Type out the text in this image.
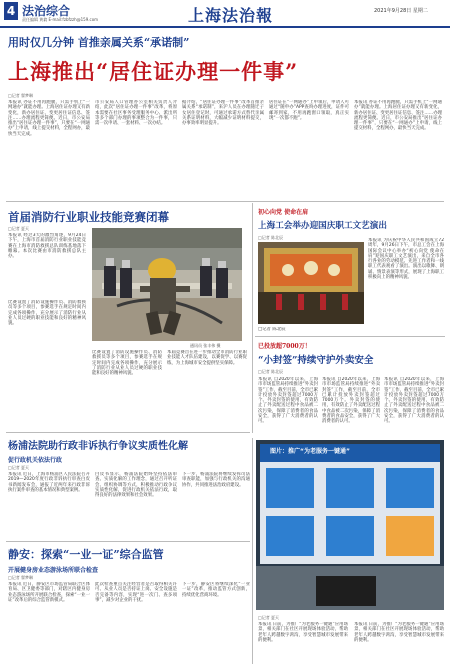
4 法治综合
责任编辑 黄翁 E-mail:fzbfzzh@159.com	上海法治報	2021年9月28日 星期二
用时仅几分钟 首推亲属关系“承诺制”
上海推出“居住证办理一件事”
□记者 翟梦琳
本报讯 办证不用再跑腿，只需手机上“一网通办”就能办理。上海居住证办理又有新变化，新办居住证、变更居住证信息、签注……办理流程更简便。近日，市公安局推出“居住证办理一件事”，只要在“一网通办”上申请，线上提交材料，全程网办，最快当天完成。
市公安局人口管理办公室相关负责人介绍，此次“居住证办理一件事”改革，将原本需要在社区事务受理服务中心、派出所等多个部门办理的事项整合为一件事，只需一次申请、一套材料、一次办结。
据介绍，“居住证办理一件事”改革首推亲属关系“承诺制”，来沪人员在办理随迁子女居住登记时，可通过承诺方式替代亲属关系证明材料，大幅减少证明材料提交，办事效率明显提升。
居住证在“一网通办”上申领后，申请人可通过“随申办”APP查询办理进度，证件可邮寄到家，不用再跑窗口领取，真正实现“一次都不跑”。
本报讯 办证不用再跑腿，只需手机上“一网通办”就能办理。上海居住证办理又有新变化，新办居住证、变更居住证信息、签注……办理流程更简便。近日，市公安局推出“居住证办理一件事”，只要在“一网通办”上申请，线上提交材料，全程网办，最快当天完成。
首届消防行业职业技能竞赛闭幕
□记者 夏天
本报讯 经过3天的激烈角逐，9月24日下午，上海市首届消防行业职业技能竞赛在上海市消防救援总队训练基地落下帷幕。本次比赛由市消防救援总队主办。
比赛设置了消防设施操作员、消防救援员等多个项目，参赛选手在规定时间内完成各项操作，充分展示了消防行业从业人员过硬的职业技能和良好的精神风貌。
通讯员 张丰伟 摄
比赛设置了消防设施操作员、消防救援员等多个项目，参赛选手在规定时间内完成各项操作，充分展示了消防行业从业人员过硬的职业技能和良好的精神风貌。
本届竞赛旨在进一步推动全市消防行业职业技能人才队伍建设，以赛促学、以赛促练，为上海城市安全提供坚实保障。
初心向党 使命在肩
上海工会举办迎国庆职工文艺演出
□记者 陈北辰
本报讯 为庆祝中华人民共和国成立72周年，9月26日下午，市总工会在上海国际会议中心举办“初心向党 使命在肩”迎国庆职工文艺演出，来自全市各行各业的劳动模范、先进工作者和一线职工代表观看了演出。演出以歌舞、朗诵、情景表演等形式，展现了上海职工积极向上的精神风貌。
□记者 陈北辰
已投放超7000万！
“小封签”持续守护外卖安全
□记者 陈北辰
本报讯 自2020年以来，上海市市场监管局持续推进“外卖封签”工作，截至目前，全市已累计投放外卖封签超过7000万个。外卖封签的使用，有效防止了外卖配送过程中食品被二次污染，保障了消费者的食品安全，获得了广大消费者的认可。
本报讯 自2020年以来，上海市市场监管局持续推进“外卖封签”工作，截至目前，全市已累计投放外卖封签超过7000万个。外卖封签的使用，有效防止了外卖配送过程中食品被二次污染，保障了消费者的食品安全，获得了广大消费者的认可。
本报讯 自2020年以来，上海市市场监管局持续推进“外卖封签”工作，截至目前，全市已累计投放外卖封签超过7000万个。外卖封签的使用，有效防止了外卖配送过程中食品被二次污染，保障了消费者的食品安全，获得了广大消费者的认可。
杨浦法院助行政非诉执行争议实质性化解
促行政机关依法行政
□记者 夏天
本报讯 近日，上海市杨浦区人民法院召开2019—2020年度行政非诉执行审查白皮书新闻发布会，通报了近两年来行政非诉执行案件审查的基本情况和典型案例。
白皮书显示，杨浦法院始终坚持依法审查、实质化解的工作理念，通过召开听证会、组织协调等方式，积极推动行政争议实质性化解，促进行政机关依法行政，取得良好的法律效果和社会效果。
下一步，杨浦法院将继续发挥司法审查职能，加强与行政机关的沟通协作，共同推进法治政府建设。
静安：探索“一业一证”综合监管
开展健身房业态游泳场所联合检查
□记者 翟梦琳
本报讯 近日，静安区市场监管局联合区体育局、区卫健委等部门，对辖区内健身房业态游泳场所开展联合检查，探索“一业一证”改革后的综合监管新模式。
此次检查重点关注经营者是否取得相关许可、从业人员是否持证上岗、安全设施是否完备等内容，实现“进一次门、查多项事”，减少对企业的干扰。
下一步，静安区将继续深化“一业一证”改革，推动监管方式创新，持续优化营商环境。
图片：推广“为老服务一键通”
□记者 夏天
本报讯 日前，为推广“为老服务一键通”应用场景，相关部门在社区开展现场体验活动，帮助老年人跨越数字鸿沟，享受智慧城市发展带来的便利。
本报讯 日前，为推广“为老服务一键通”应用场景，相关部门在社区开展现场体验活动，帮助老年人跨越数字鸿沟，享受智慧城市发展带来的便利。
